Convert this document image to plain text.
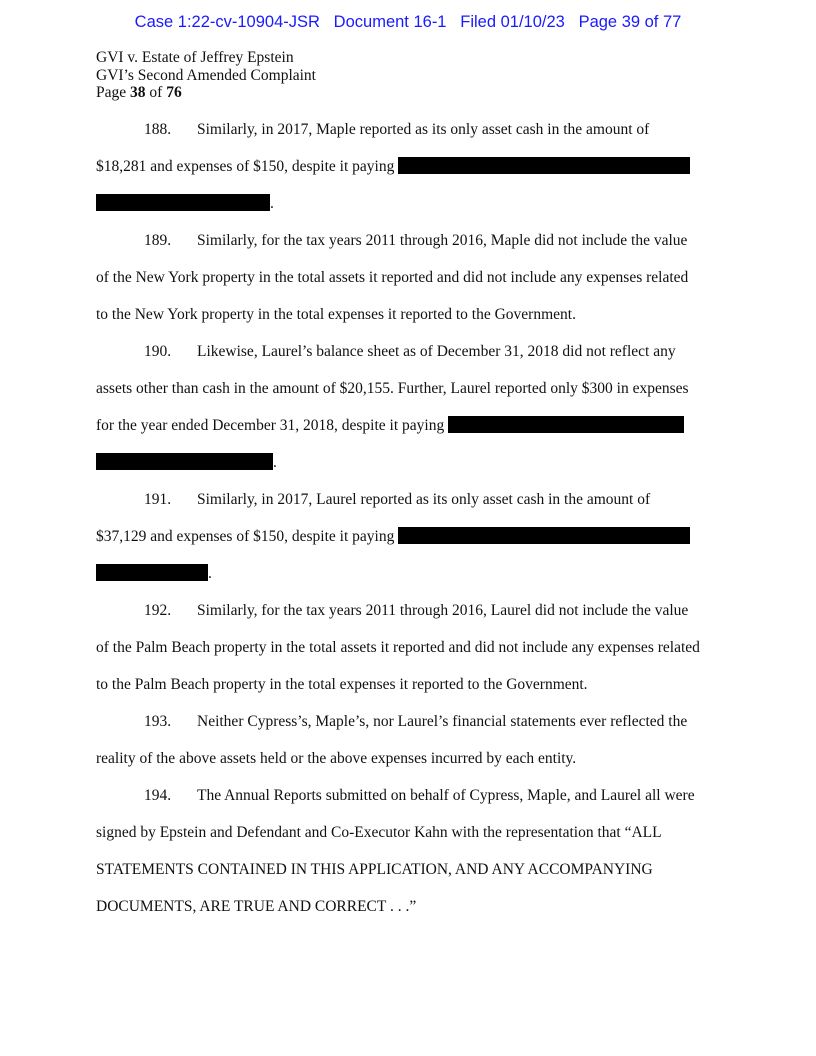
Case 1:22-cv-10904-JSR   Document 16-1   Filed 01/10/23   Page 39 of 77
GVI v. Estate of Jeffrey Epstein
GVI’s Second Amended Complaint
Page 38 of 76
188. Similarly, in 2017, Maple reported as its only asset cash in the amount of
$18,281 and expenses of $150, despite it paying
.
189. Similarly, for the tax years 2011 through 2016, Maple did not include the value
of the New York property in the total assets it reported and did not include any expenses related
to the New York property in the total expenses it reported to the Government.
190. Likewise, Laurel’s balance sheet as of December 31, 2018 did not reflect any
assets other than cash in the amount of $20,155. Further, Laurel reported only $300 in expenses
for the year ended December 31, 2018, despite it paying
.
191. Similarly, in 2017, Laurel reported as its only asset cash in the amount of
$37,129 and expenses of $150, despite it paying
.
192. Similarly, for the tax years 2011 through 2016, Laurel did not include the value
of the Palm Beach property in the total assets it reported and did not include any expenses related
to the Palm Beach property in the total expenses it reported to the Government.
193. Neither Cypress’s, Maple’s, nor Laurel’s financial statements ever reflected the
reality of the above assets held or the above expenses incurred by each entity.
194. The Annual Reports submitted on behalf of Cypress, Maple, and Laurel all were
signed by Epstein and Defendant and Co-Executor Kahn with the representation that “ALL
STATEMENTS CONTAINED IN THIS APPLICATION, AND ANY ACCOMPANYING
DOCUMENTS, ARE TRUE AND CORRECT . . .”
